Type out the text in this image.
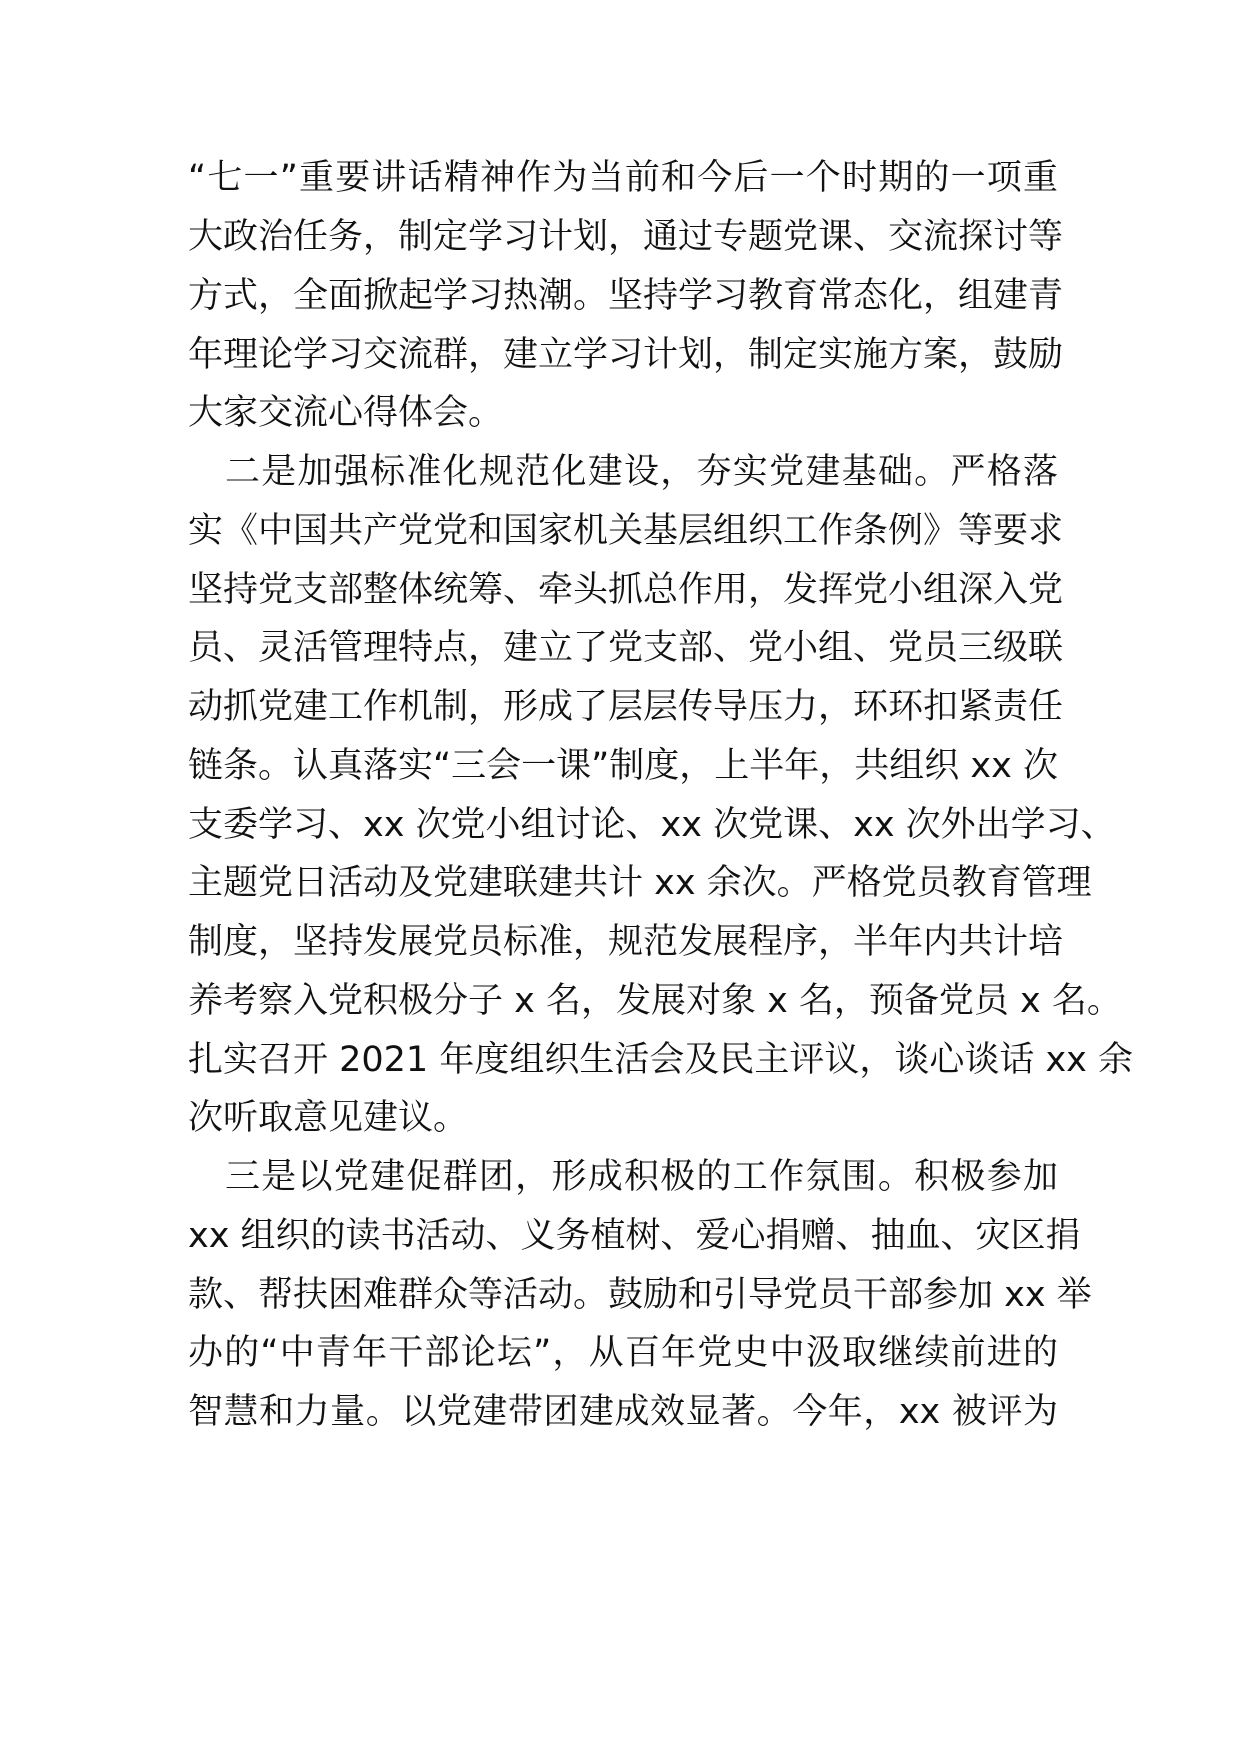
“七一”重要讲话精神作为当前和今后一个时期的一项重
大政治任务，制定学习计划，通过专题党课、交流探讨等
方式，全面掀起学习热潮。坚持学习教育常态化，组建青
年理论学习交流群，建立学习计划，制定实施方案，鼓励
大家交流心得体会。
二是加强标准化规范化建设，夯实党建基础。严格落
实《中国共产党党和国家机关基层组织工作条例》等要求
坚持党支部整体统筹、牵头抓总作用，发挥党小组深入党
员、灵活管理特点，建立了党支部、党小组、党员三级联
动抓党建工作机制，形成了层层传导压力，环环扣紧责任
链条。认真落实“三会一课”制度，上半年，共组织 xx 次
支委学习、xx 次党小组讨论、xx 次党课、xx 次外出学习、
主题党日活动及党建联建共计 xx 余次。严格党员教育管理
制度，坚持发展党员标准，规范发展程序，半年内共计培
养考察入党积极分子 x 名，发展对象 x 名，预备党员 x 名。
扎实召开 2021 年度组织生活会及民主评议，谈心谈话 xx 余
次听取意见建议。
三是以党建促群团，形成积极的工作氛围。积极参加
xx 组织的读书活动、义务植树、爱心捐赠、抽血、灾区捐
款、帮扶困难群众等活动。鼓励和引导党员干部参加 xx 举
办的“中青年干部论坛”，从百年党史中汲取继续前进的
智慧和力量。以党建带团建成效显著。今年，xx 被评为
